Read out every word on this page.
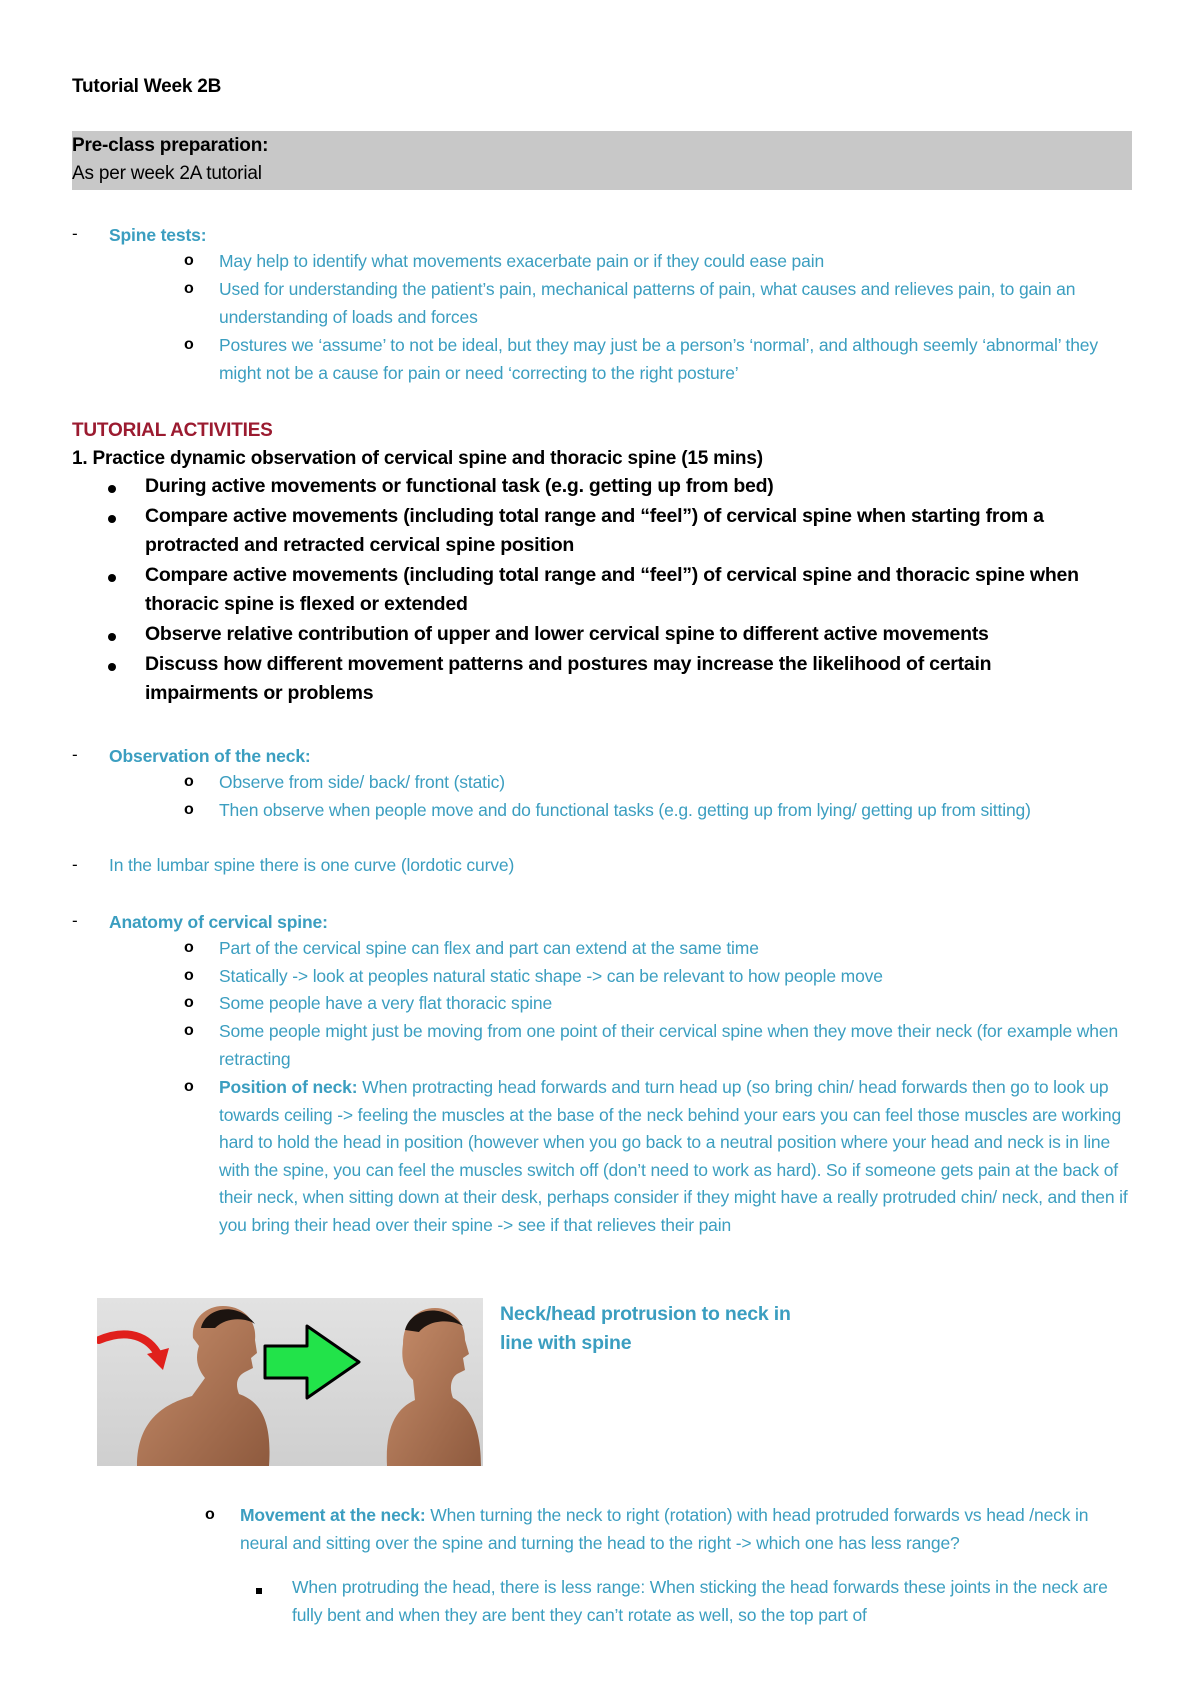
Tutorial Week 2B
Pre-class preparation:
As per week 2A tutorial
- Spine tests:
o May help to identify what movements exacerbate pain or if they could ease pain
o Used for understanding the patient’s pain, mechanical patterns of pain, what causes and relieves pain, to gain an understanding of loads and forces
o Postures we ‘assume’ to not be ideal, but they may just be a person’s ‘normal’, and although seemly ‘abnormal’ they might not be a cause for pain or need ‘correcting to the right posture’
TUTORIAL ACTIVITIES
1. Practice dynamic observation of cervical spine and thoracic spine (15 mins)
During active movements or functional task (e.g. getting up from bed)
Compare active movements (including total range and “feel”) of cervical spine when starting from a protracted and retracted cervical spine position
Compare active movements (including total range and “feel”) of cervical spine and thoracic spine when thoracic spine is flexed or extended
Observe relative contribution of upper and lower cervical spine to different active movements
Discuss how different movement patterns and postures may increase the likelihood of certain impairments or problems
- Observation of the neck:
o Observe from side/ back/ front (static)
o Then observe when people move and do functional tasks (e.g. getting up from lying/ getting up from sitting)
- In the lumbar spine there is one curve (lordotic curve)
- Anatomy of cervical spine:
o Part of the cervical spine can flex and part can extend at the same time
o Statically -> look at peoples natural static shape -> can be relevant to how people move
o Some people have a very flat thoracic spine
o Some people might just be moving from one point of their cervical spine when they move their neck (for example when retracting
o Position of neck: When protracting head forwards and turn head up (so bring chin/ head forwards then go to look up towards ceiling -> feeling the muscles at the base of the neck behind your ears you can feel those muscles are working hard to hold the head in position (however when you go back to a neutral position where your head and neck is in line with the spine, you can feel the muscles switch off (don’t need to work as hard). So if someone gets pain at the back of their neck, when sitting down at their desk, perhaps consider if they might have a really protruded chin/ neck, and then if you bring their head over their spine -> see if that relieves their pain
Neck/head protrusion to neck in line with spine
o Movement at the neck: When turning the neck to right (rotation) with head protruded forwards vs head /neck in neural and sitting over the spine and turning the head to the right -> which one has less range?
When protruding the head, there is less range: When sticking the head forwards these joints in the neck are fully bent and when they are bent they can’t rotate as well, so the top part of
